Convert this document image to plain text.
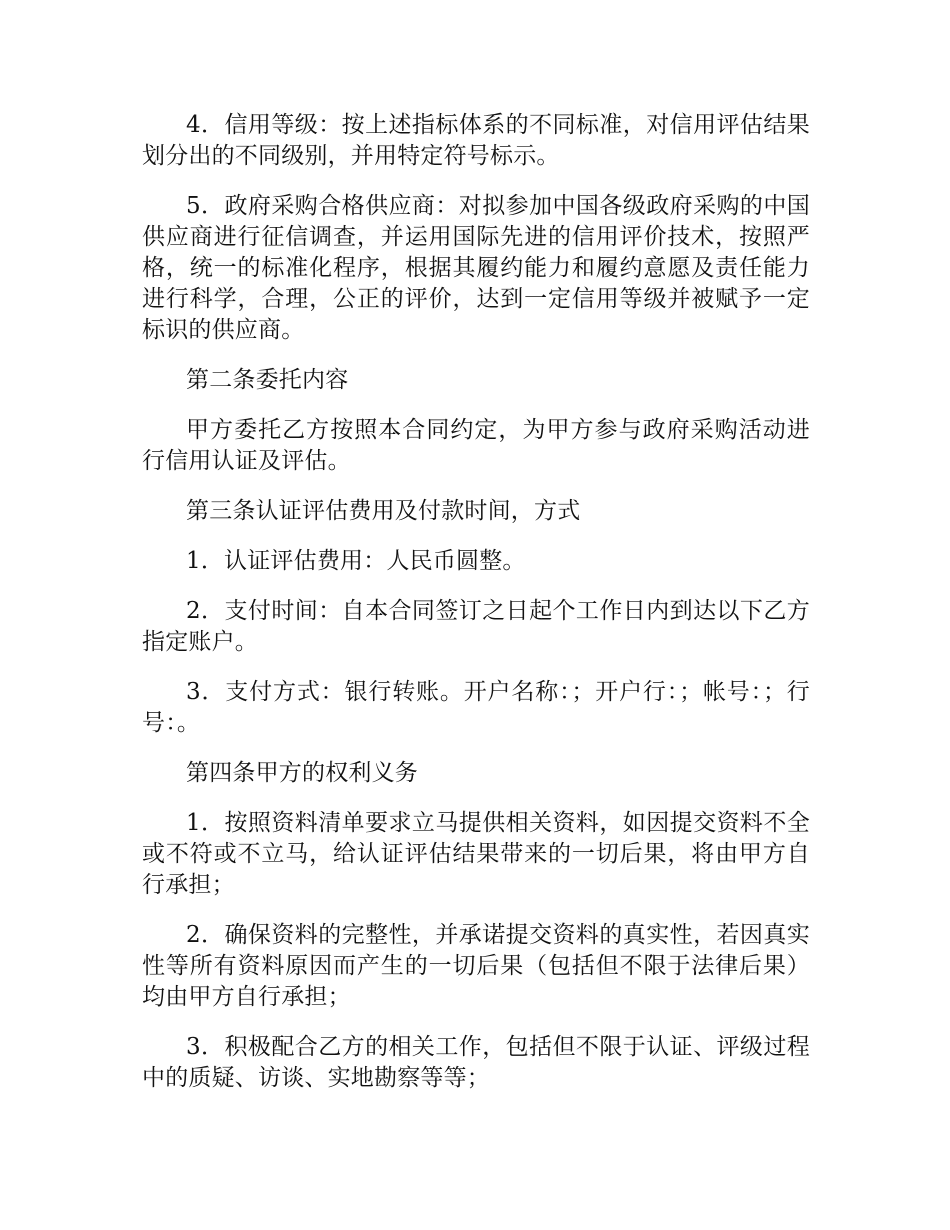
4．信用等级：按上述指标体系的不同标准，对信用评估结果划分出的不同级别，并用特定符号标示。

5．政府采购合格供应商：对拟参加中国各级政府采购的中国供应商进行征信调查，并运用国际先进的信用评价技术，按照严格，统一的标准化程序，根据其履约能力和履约意愿及责任能力进行科学，合理，公正的评价，达到一定信用等级并被赋予一定标识的供应商。

第二条委托内容

甲方委托乙方按照本合同约定，为甲方参与政府采购活动进行信用认证及评估。

第三条认证评估费用及付款时间，方式

1．认证评估费用：人民币圆整。

2．支付时间：自本合同签订之日起个工作日内到达以下乙方指定账户。

3．支付方式：银行转账。开户名称：；开户行：；帐号：；行号：。

第四条甲方的权利义务

1．按照资料清单要求立马提供相关资料，如因提交资料不全或不符或不立马，给认证评估结果带来的一切后果，将由甲方自行承担；

2．确保资料的完整性，并承诺提交资料的真实性，若因真实性等所有资料原因而产生的一切后果（包括但不限于法律后果）均由甲方自行承担；

3．积极配合乙方的相关工作，包括但不限于认证、评级过程中的质疑、访谈、实地勘察等等；
